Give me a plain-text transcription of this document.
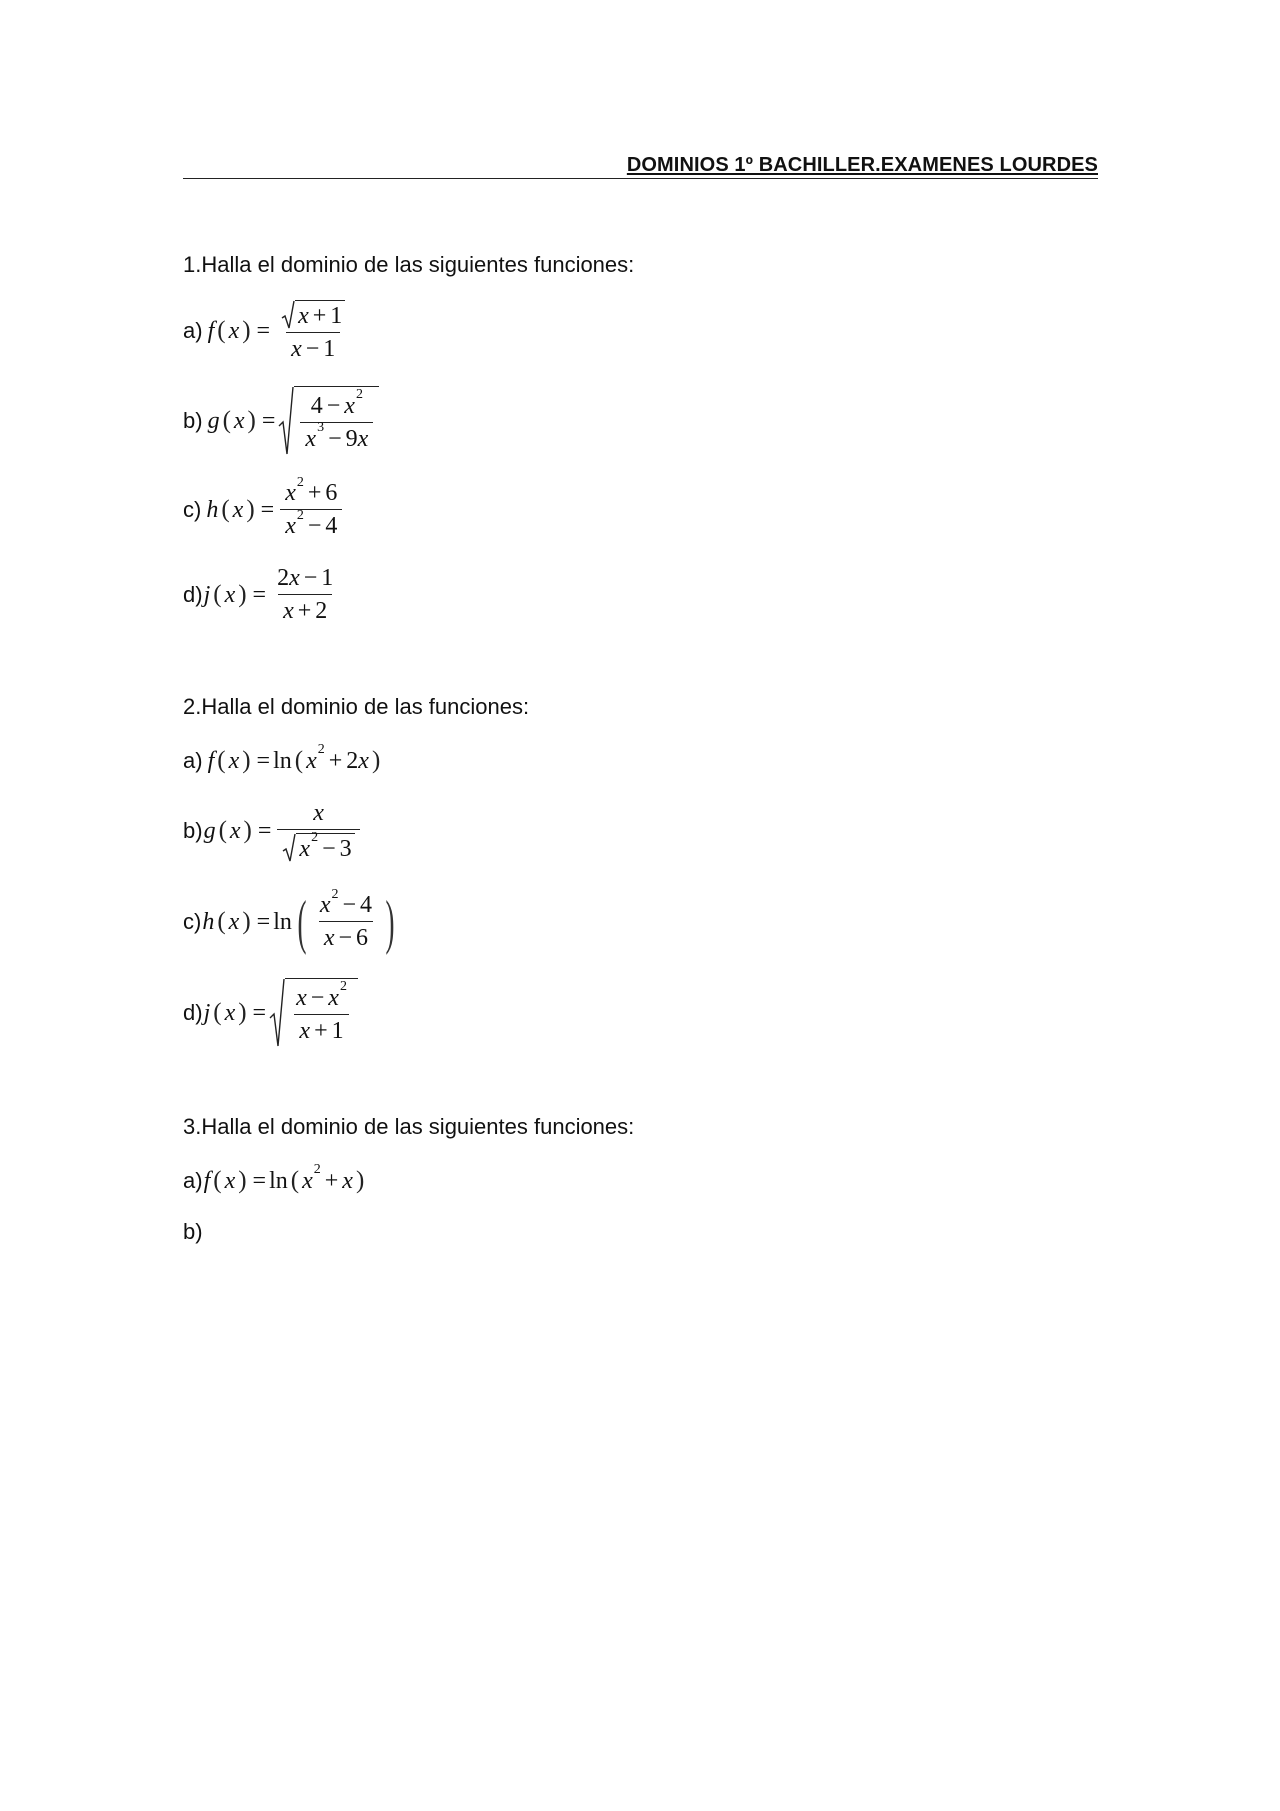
DOMINIOS 1º BACHILLER.EXAMENES LOURDES
1.Halla el dominio de las siguientes funciones:
a) f ( x ) = $\frac{x + 1}{x - 1}$
b) g ( x ) = $\frac{4 - x 2}{x 3 - 9 x}$
c) h ( x ) = $\frac{x 2 + 6}{x 2 - 4}$
d) j ( x ) = $\frac{2 x - 1}{x + 2}$
2.Halla el dominio de las funciones:
a) f ( x ) = ln ( x 2 + 2 x )
b) g ( x ) = $\frac{x}{x 2 - 3}$
c) h ( x ) = ln ( $\frac{x 2 - 4}{x - 6}$ )
d) j ( x ) = $\frac{x - x 2}{x + 1}$
3.Halla el dominio de las siguientes funciones:
a) f ( x ) = ln ( x 2 + x )
b)
